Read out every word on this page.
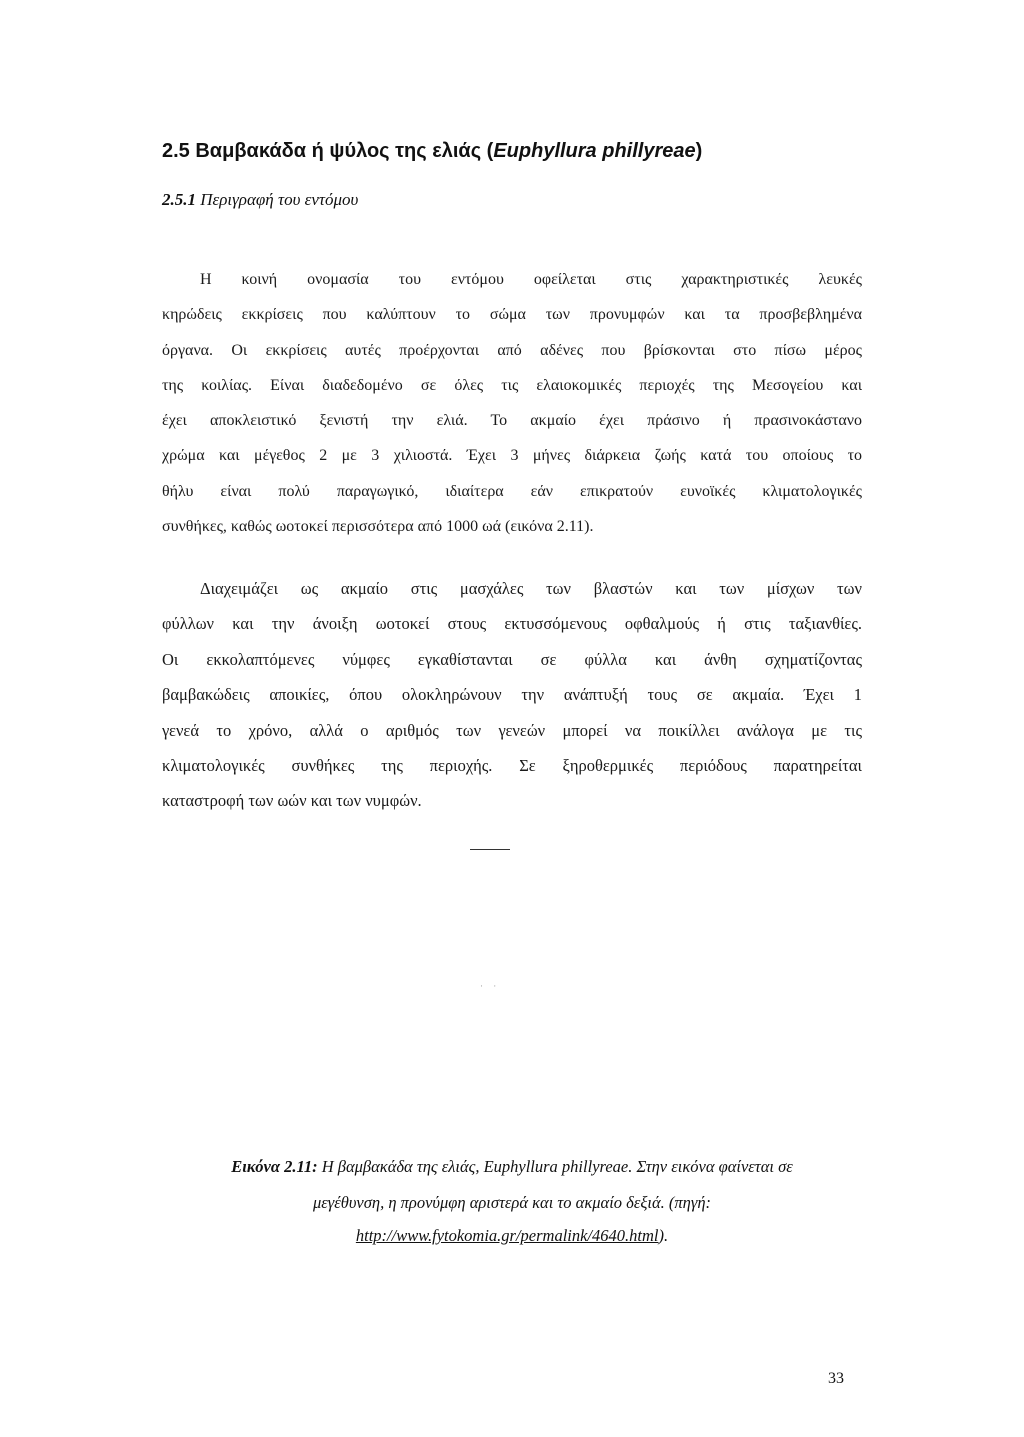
2.5 Βαμβακάδα ή ψύλος της ελιάς (Euphyllura phillyreae)
2.5.1 Περιγραφή του εντόμου
Η κοινή ονομασία του εντόμου οφείλεται στις χαρακτηριστικές λευκές
κηρώδεις εκκρίσεις που καλύπτουν το σώμα των προνυμφών και τα προσβεβλημένα
όργανα. Οι εκκρίσεις αυτές προέρχονται από αδένες που βρίσκονται στο πίσω μέρος
της κοιλίας. Είναι διαδεδομένο σε όλες τις ελαιοκομικές περιοχές της Μεσογείου και
έχει αποκλειστικό ξενιστή την ελιά. Το ακμαίο έχει πράσινο ή πρασινοκάστανο
χρώμα και μέγεθος 2 με 3 χιλιοστά. Έχει 3 μήνες διάρκεια ζωής κατά του οποίους το
θήλυ είναι πολύ παραγωγικό, ιδιαίτερα εάν επικρατούν ευνοϊκές κλιματολογικές
συνθήκες, καθώς ωοτοκεί περισσότερα από 1000 ωά (εικόνα 2.11).
Διαχειμάζει ως ακμαίο στις μασχάλες των βλαστών και των μίσχων των
φύλλων και την άνοιξη ωοτοκεί στους εκτυσσόμενους οφθαλμούς ή στις ταξιανθίες.
Οι εκκολαπτόμενες νύμφες εγκαθίστανται σε φύλλα και άνθη σχηματίζοντας
βαμβακώδεις αποικίες, όπου ολοκληρώνουν την ανάπτυξή τους σε ακμαία. Έχει 1
γενεά το χρόνο, αλλά ο αριθμός των γενεών μπορεί να ποικίλλει ανάλογα με τις
κλιματολογικές συνθήκες της περιοχής. Σε ξηροθερμικές περιόδους παρατηρείται
καταστροφή των ωών και των νυμφών.
· ·
Εικόνα 2.11: Η βαμβακάδα της ελιάς, Euphyllura phillyreae. Στην εικόνα φαίνεται σε
μεγέθυνση, η προνύμφη αριστερά και το ακμαίο δεξιά. (πηγή:
http://www.fytokomia.gr/permalink/4640.html).
33
